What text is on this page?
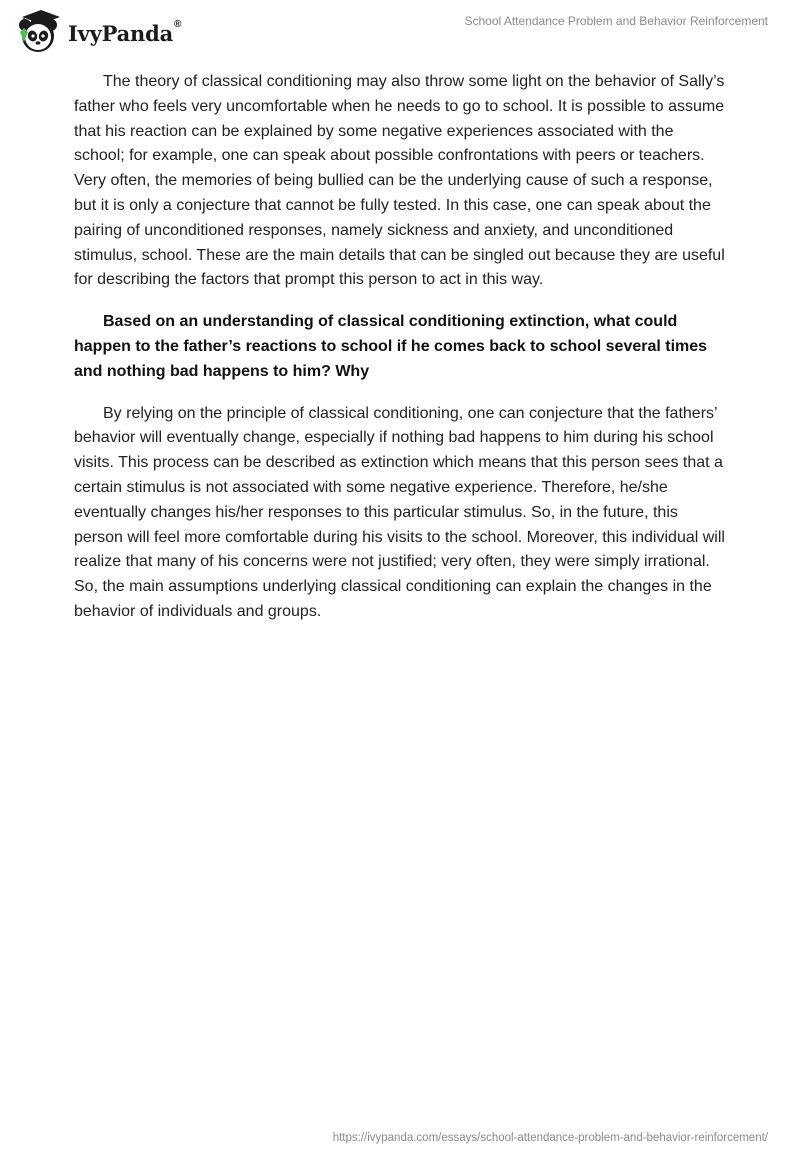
IvyPanda®	School Attendance Problem and Behavior Reinforcement

The theory of classical conditioning may also throw some light on the behavior of Sally’s father who feels very uncomfortable when he needs to go to school. It is possible to assume that his reaction can be explained by some negative experiences associated with the school; for example, one can speak about possible confrontations with peers or teachers. Very often, the memories of being bullied can be the underlying cause of such a response, but it is only a conjecture that cannot be fully tested. In this case, one can speak about the pairing of unconditioned responses, namely sickness and anxiety, and unconditioned stimulus, school. These are the main details that can be singled out because they are useful for describing the factors that prompt this person to act in this way.

Based on an understanding of classical conditioning extinction, what could happen to the father’s reactions to school if he comes back to school several times and nothing bad happens to him? Why

By relying on the principle of classical conditioning, one can conjecture that the fathers’ behavior will eventually change, especially if nothing bad happens to him during his school visits. This process can be described as extinction which means that this person sees that a certain stimulus is not associated with some negative experience. Therefore, he/she eventually changes his/her responses to this particular stimulus. So, in the future, this person will feel more comfortable during his visits to the school. Moreover, this individual will realize that many of his concerns were not justified; very often, they were simply irrational. So, the main assumptions underlying classical conditioning can explain the changes in the behavior of individuals and groups.

https://ivypanda.com/essays/school-attendance-problem-and-behavior-reinforcement/
